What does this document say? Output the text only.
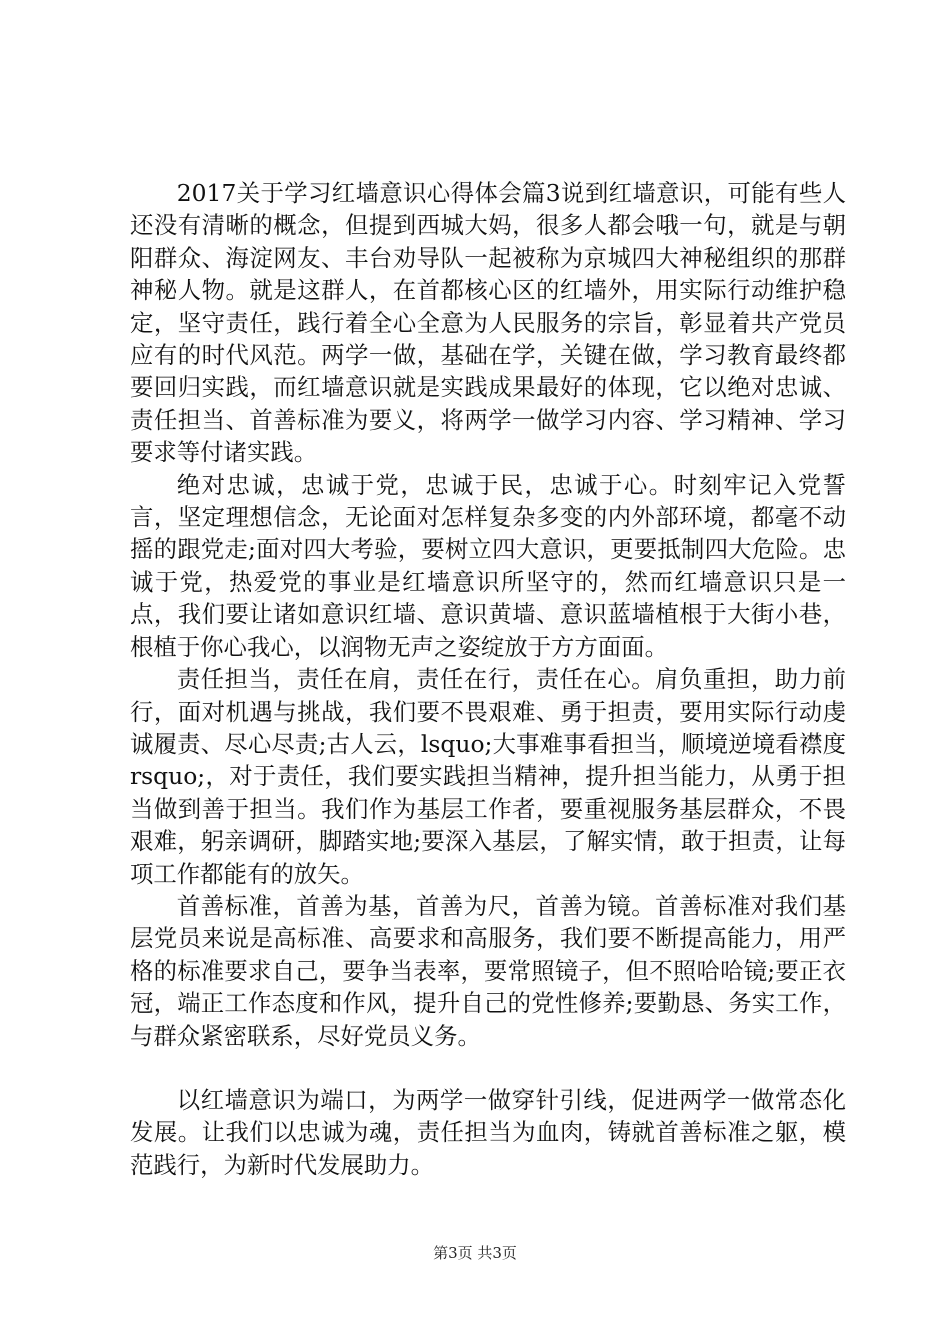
2017关于学习红墙意识心得体会篇3说到红墙意识，可能有些人还没有清晰的概念，但提到西城大妈，很多人都会哦一句，就是与朝阳群众、海淀网友、丰台劝导队一起被称为京城四大神秘组织的那群神秘人物。就是这群人，在首都核心区的红墙外，用实际行动维护稳定，坚守责任，践行着全心全意为人民服务的宗旨，彰显着共产党员应有的时代风范。两学一做，基础在学，关键在做，学习教育最终都要回归实践，而红墙意识就是实践成果最好的体现，它以绝对忠诚、责任担当、首善标准为要义，将两学一做学习内容、学习精神、学习要求等付诸实践。

绝对忠诚，忠诚于党，忠诚于民，忠诚于心。时刻牢记入党誓言，坚定理想信念，无论面对怎样复杂多变的内外部环境，都毫不动摇的跟党走;面对四大考验，要树立四大意识，更要抵制四大危险。忠诚于党，热爱党的事业是红墙意识所坚守的，然而红墙意识只是一点，我们要让诸如意识红墙、意识黄墙、意识蓝墙植根于大街小巷，根植于你心我心，以润物无声之姿绽放于方方面面。

责任担当，责任在肩，责任在行，责任在心。肩负重担，助力前行，面对机遇与挑战，我们要不畏艰难、勇于担责，要用实际行动虔诚履责、尽心尽责;古人云，lsquo;大事难事看担当，顺境逆境看襟度rsquo;，对于责任，我们要实践担当精神，提升担当能力，从勇于担当做到善于担当。我们作为基层工作者，要重视服务基层群众，不畏艰难，躬亲调研，脚踏实地;要深入基层，了解实情，敢于担责，让每项工作都能有的放矢。

首善标准，首善为基，首善为尺，首善为镜。首善标准对我们基层党员来说是高标准、高要求和高服务，我们要不断提高能力，用严格的标准要求自己，要争当表率，要常照镜子，但不照哈哈镜;要正衣冠，端正工作态度和作风，提升自己的党性修养;要勤恳、务实工作，与群众紧密联系，尽好党员义务。

以红墙意识为端口，为两学一做穿针引线，促进两学一做常态化发展。让我们以忠诚为魂，责任担当为血肉，铸就首善标准之躯，模范践行，为新时代发展助力。

第3页 共3页
